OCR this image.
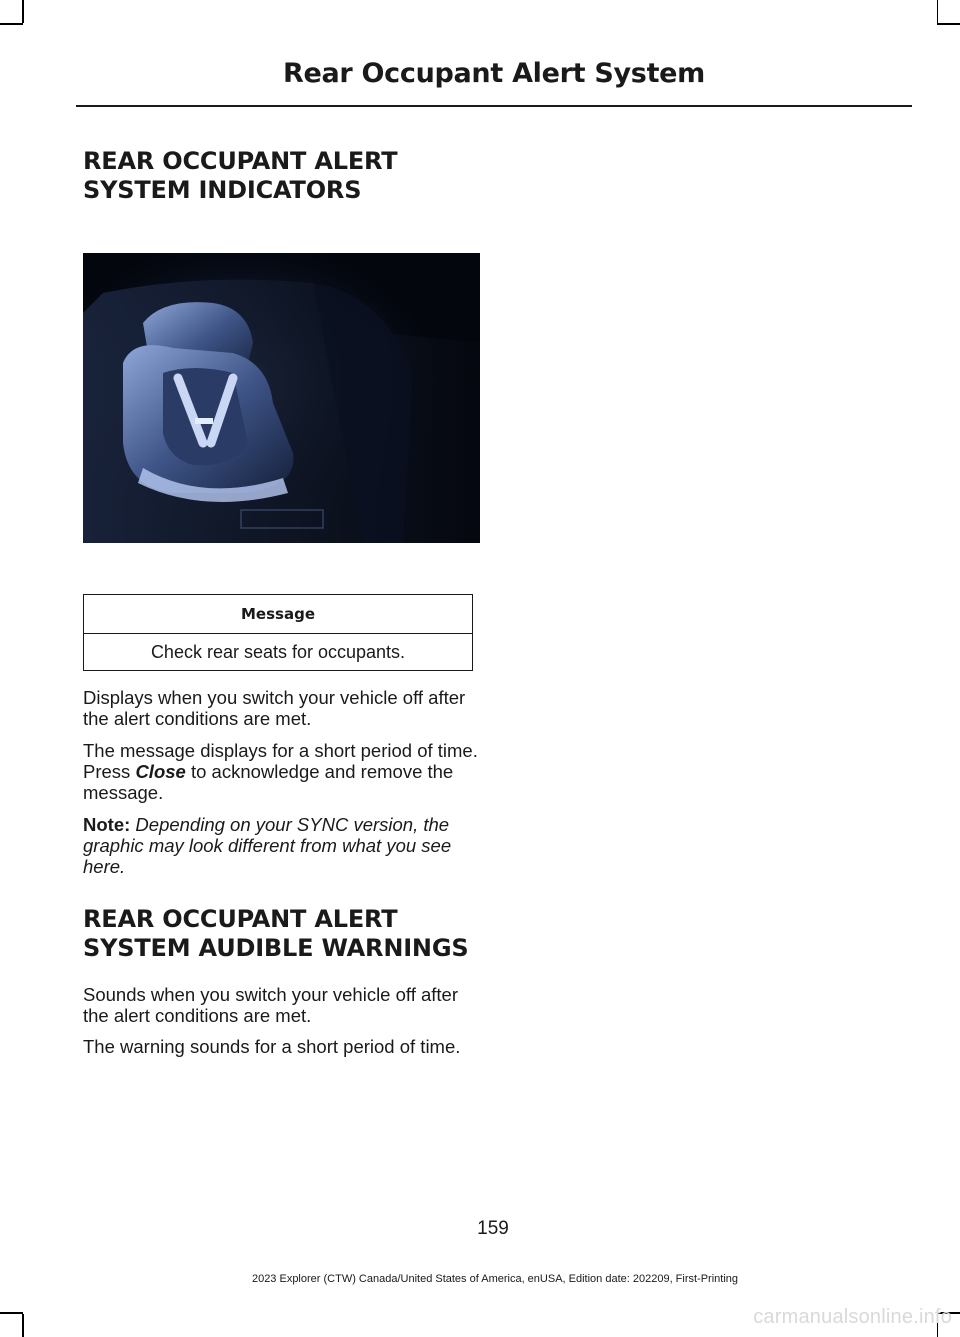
Rear Occupant Alert System
REAR OCCUPANT ALERT
SYSTEM INDICATORS
Message
Check rear seats for occupants.

Displays when you switch your vehicle off after the alert conditions are met.

The message displays for a short period of time. Press Close to acknowledge and remove the message.

Note: Depending on your SYNC version, the graphic may look different from what you see here.

REAR OCCUPANT ALERT
SYSTEM AUDIBLE WARNINGS

Sounds when you switch your vehicle off after the alert conditions are met.

The warning sounds for a short period of time.

159
2023 Explorer (CTW) Canada/United States of America, enUSA, Edition date: 202209, First-Printing
carmanualsonline.info
